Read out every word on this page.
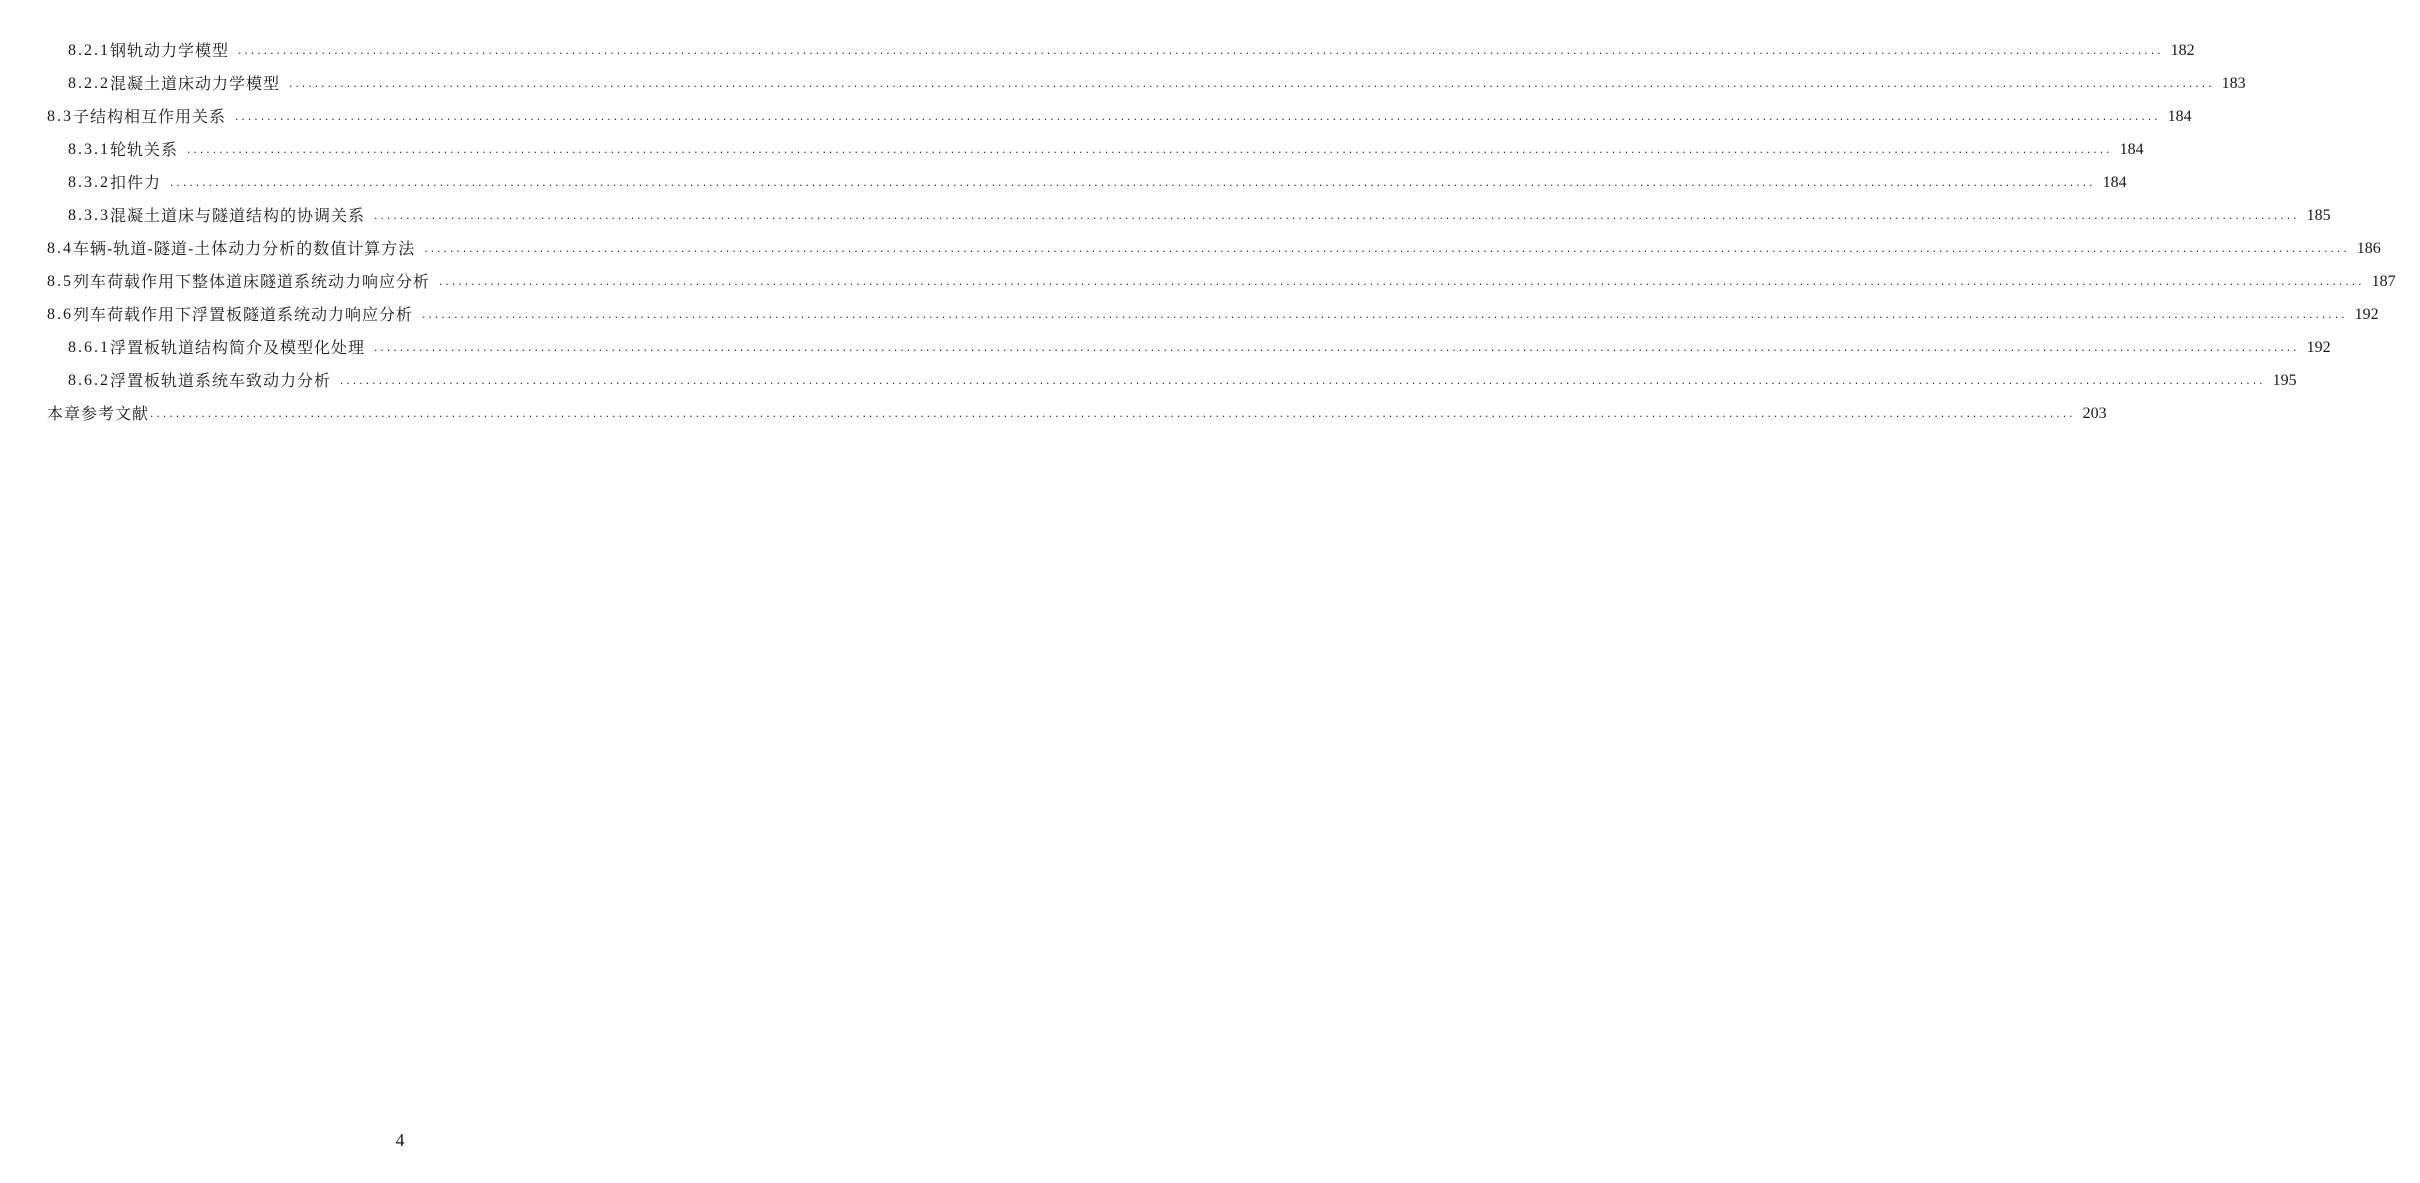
8.2.1 钢轨动力学模型 ............................................................................................................................................................................................................................................................................................................ 182
8.2.2 混凝土道床动力学模型 ............................................................................................................................................................................................................................................................................................................ 183
8.3 子结构相互作用关系 ............................................................................................................................................................................................................................................................................................................ 184
8.3.1 轮轨关系 ............................................................................................................................................................................................................................................................................................................ 184
8.3.2 扣件力 ............................................................................................................................................................................................................................................................................................................ 184
8.3.3 混凝土道床与隧道结构的协调关系 ............................................................................................................................................................................................................................................................................................................ 185
8.4 车辆-轨道-隧道-土体动力分析的数值计算方法 ............................................................................................................................................................................................................................................................................................................ 186
8.5 列车荷载作用下整体道床隧道系统动力响应分析 ............................................................................................................................................................................................................................................................................................................ 187
8.6 列车荷载作用下浮置板隧道系统动力响应分析 ............................................................................................................................................................................................................................................................................................................ 192
8.6.1 浮置板轨道结构简介及模型化处理 ............................................................................................................................................................................................................................................................................................................ 192
8.6.2 浮置板轨道系统车致动力分析 ............................................................................................................................................................................................................................................................................................................ 195
本章参考文献 ............................................................................................................................................................................................................................................................................................................ 203
4
